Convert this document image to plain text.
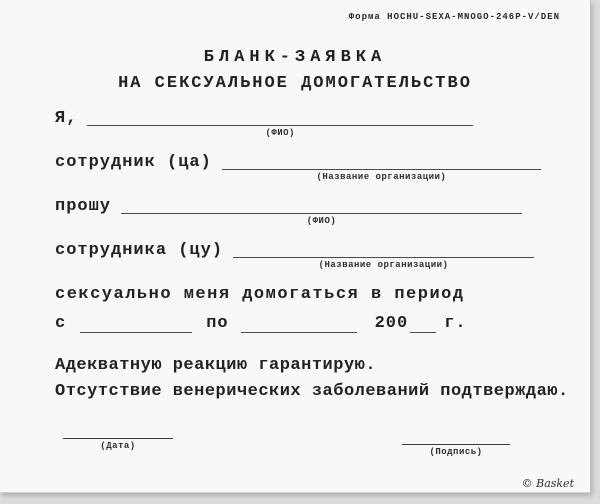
Форма HOCHU-SEXA-MNOGO-246P-V/DEN
БЛАНК-ЗАЯВКА
НА СЕКСУАЛЬНОЕ ДОМОГАТЕЛЬСТВО
Я,
(ФИО)
сотрудник (ца)
(Название организации)
прошу
(ФИО)
сотрудника (цу)
(Название организации)
сексуально меня домогаться в период
с	по	200 г.
Адекватную реакцию гарантирую.
Отсутствие венерических заболеваний подтверждаю.
(Дата)
(Подпись)
© Basket
